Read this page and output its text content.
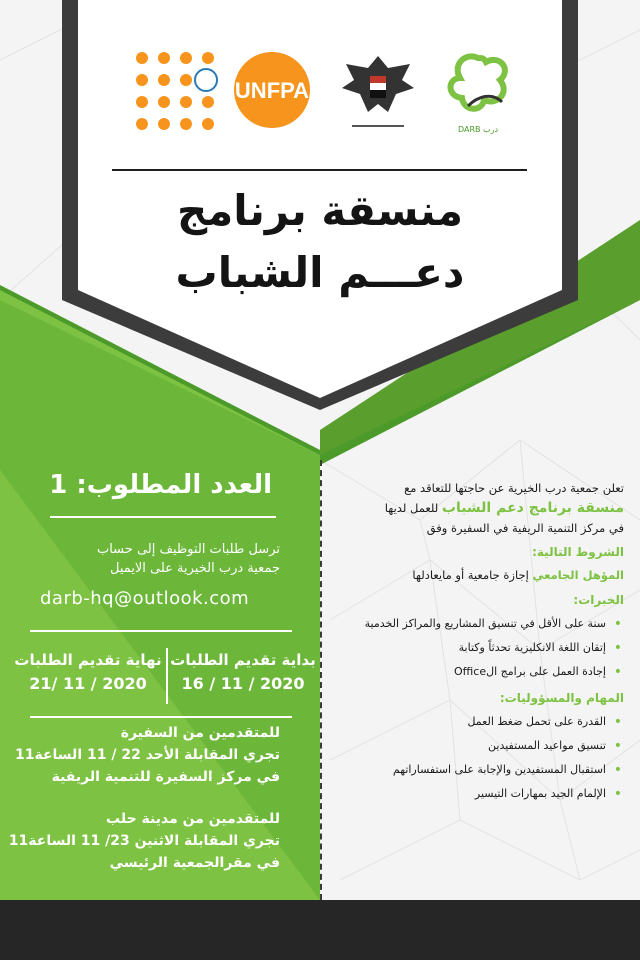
UNFPA
DARB درب
منسقة برنامج
دعـــم الشباب
العدد المطلوب: 1
ترسل طلبات التوظيف إلى حساب
جمعية درب الخيرية على الايميل
darb-hq@outlook.com
بداية تقديم الطلبات
16 / 11 / 2020
نهاية تقديم الطلبات
21/ 11 / 2020
للمتقدمين من السفيرة
تجري المقابلة الأحد 22 / 11 الساعة11
في مركز السفيرة للتنمية الريفية
للمتقدمين من مدينة حلب
تجري المقابلة الاثنين 23/ 11 الساعة11
في مقرالجمعية الرئيسي
تعلن جمعية درب الخيرية عن حاجتها للتعاقد مع
منسقة برنامج دعم الشباب للعمل لديها
في مركز التنمية الريفية في السفيرة وفق
الشروط التالية:
المؤهل الجامعي إجازة جامعية أو مايعادلها
الخبرات:
• سنة على الأقل في تنسيق المشاريع والمراكز الخدمية
• إتقان اللغة الانكليزية تحدثاً وكتابة
• إجادة العمل على برامج الOffice
المهام والمسؤوليات:
• القدرة على تحمل ضغط العمل
• تنسيق مواعيد المستفيدين
• استقبال المستفيدين والإجابة على استفساراتهم
• الإلمام الجيد بمهارات التيسير
